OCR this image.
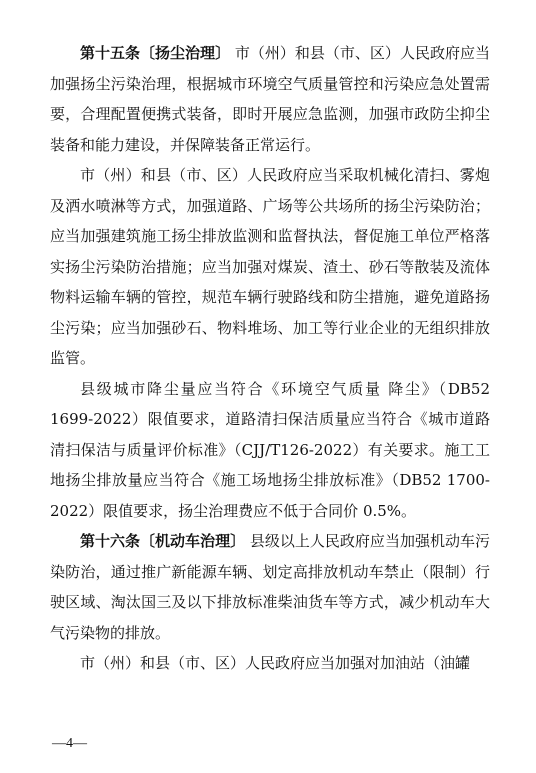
第十五条〔扬尘治理〕 市（州）和县（市、区）人民政府应当加强扬尘污染治理，根据城市环境空气质量管控和污染应急处置需要，合理配置便携式装备，即时开展应急监测，加强市政防尘抑尘装备和能力建设，并保障装备正常运行。

市（州）和县（市、区）人民政府应当采取机械化清扫、雾炮及洒水喷淋等方式，加强道路、广场等公共场所的扬尘污染防治；应当加强建筑施工扬尘排放监测和监督执法，督促施工单位严格落实扬尘污染防治措施；应当加强对煤炭、渣土、砂石等散装及流体物料运输车辆的管控，规范车辆行驶路线和防尘措施，避免道路扬尘污染；应当加强砂石、物料堆场、加工等行业企业的无组织排放监管。

县级城市降尘量应当符合《环境空气质量 降尘》（DB52 1699-2022）限值要求，道路清扫保洁质量应当符合《城市道路清扫保洁与质量评价标准》（CJJ/T126-2022）有关要求。施工工地扬尘排放量应当符合《施工场地扬尘排放标准》（DB52 1700-2022）限值要求，扬尘治理费应不低于合同价 0.5%。

第十六条〔机动车治理〕 县级以上人民政府应当加强机动车污染防治，通过推广新能源车辆、划定高排放机动车禁止（限制）行驶区域、淘汰国三及以下排放标准柴油货车等方式，减少机动车大气污染物的排放。

市（州）和县（市、区）人民政府应当加强对加油站（油罐

—4—
